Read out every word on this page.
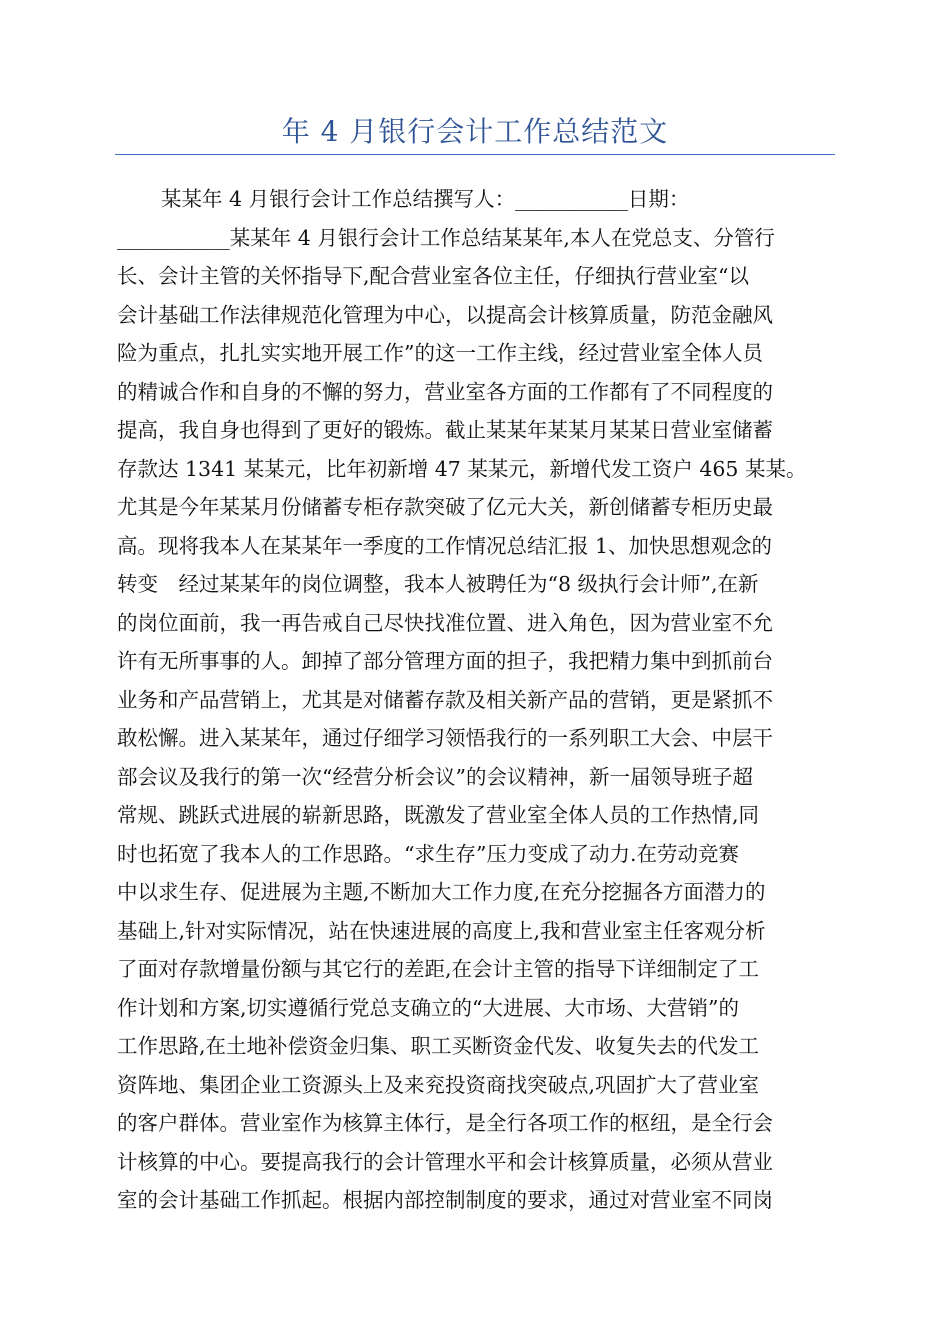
年 4 月银行会计工作总结范文
某某年 4 月银行会计工作总结撰写人：___________日期：
___________某某年 4 月银行会计工作总结某某年,本人在党总支、分管行
长、会计主管的关怀指导下,配合营业室各位主任，仔细执行营业室“以
会计基础工作法律规范化管理为中心，以提高会计核算质量，防范金融风
险为重点，扎扎实实地开展工作”的这一工作主线，经过营业室全体人员
的精诚合作和自身的不懈的努力，营业室各方面的工作都有了不同程度的
提高，我自身也得到了更好的锻炼。截止某某年某某月某某日营业室储蓄
存款达 1341 某某元，比年初新增 47 某某元，新增代发工资户 465 某某。
尤其是今年某某月份储蓄专柜存款突破了亿元大关，新创储蓄专柜历史最
高。现将我本人在某某年一季度的工作情况总结汇报 1、加快思想观念的
转变　经过某某年的岗位调整，我本人被聘任为“8 级执行会计师”,在新
的岗位面前，我一再告戒自己尽快找准位置、进入角色，因为营业室不允
许有无所事事的人。卸掉了部分管理方面的担子，我把精力集中到抓前台
业务和产品营销上，尤其是对储蓄存款及相关新产品的营销，更是紧抓不
敢松懈。进入某某年，通过仔细学习领悟我行的一系列职工大会、中层干
部会议及我行的第一次“经营分析会议”的会议精神，新一届领导班子超
常规、跳跃式进展的崭新思路，既激发了营业室全体人员的工作热情,同
时也拓宽了我本人的工作思路。“求生存”压力变成了动力.在劳动竞赛
中以求生存、促进展为主题,不断加大工作力度,在充分挖掘各方面潜力的
基础上,针对实际情况，站在快速进展的高度上,我和营业室主任客观分析
了面对存款增量份额与其它行的差距,在会计主管的指导下详细制定了工
作计划和方案,切实遵循行党总支确立的“大进展、大市场、大营销”的
工作思路,在土地补偿资金归集、职工买断资金代发、收复失去的代发工
资阵地、集团企业工资源头上及来兖投资商找突破点,巩固扩大了营业室
的客户群体。营业室作为核算主体行，是全行各项工作的枢纽，是全行会
计核算的中心。要提高我行的会计管理水平和会计核算质量，必须从营业
室的会计基础工作抓起。根据内部控制制度的要求，通过对营业室不同岗
